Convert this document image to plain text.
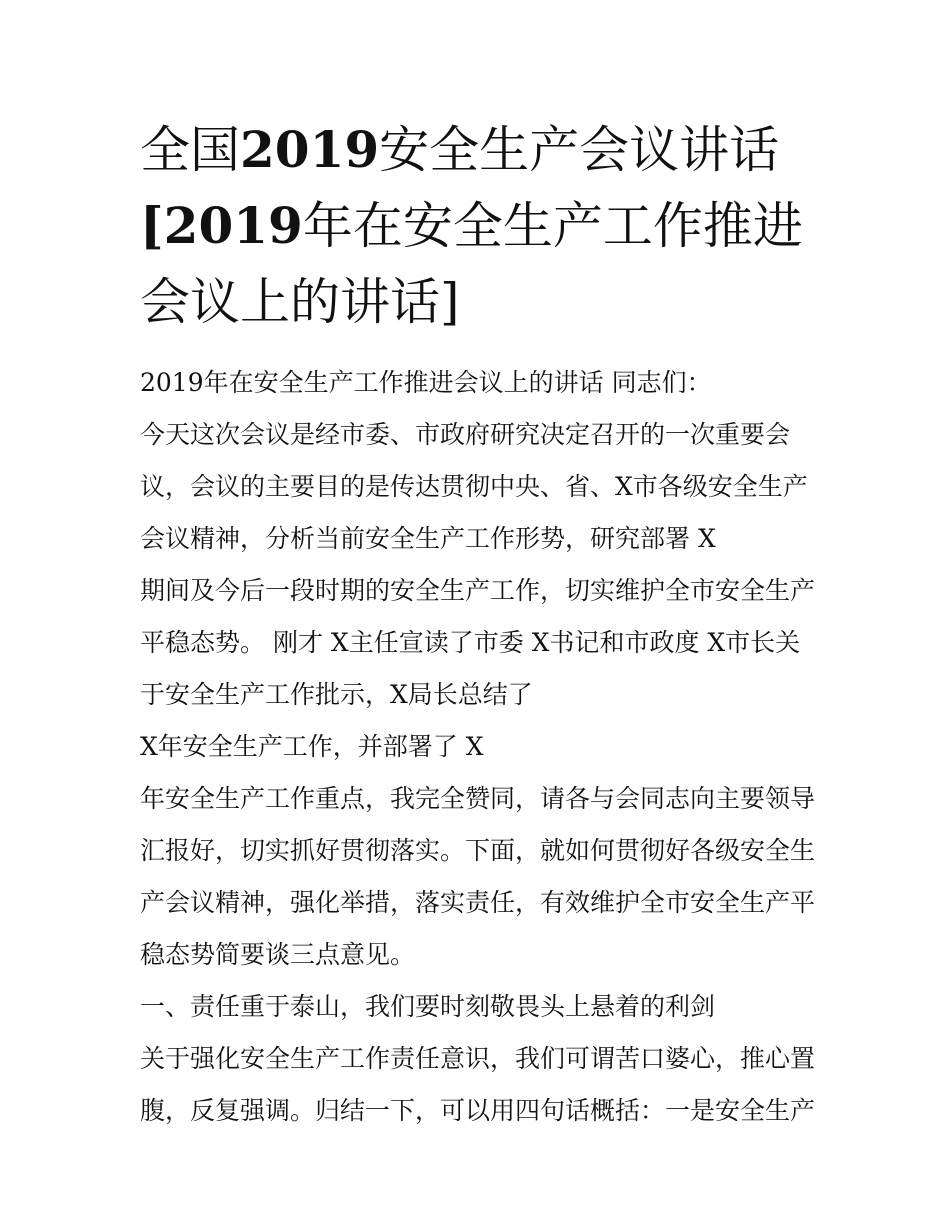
全国2019安全生产会议讲话
[2019年在安全生产工作推进
会议上的讲话]
2019年在安全生产工作推进会议上的讲话 同志们：
今天这次会议是经市委、市政府研究决定召开的一次重要会
议，会议的主要目的是传达贯彻中央、省、X市各级安全生产
会议精神，分析当前安全生产工作形势，研究部署 X
期间及今后一段时期的安全生产工作，切实维护全市安全生产
平稳态势。 刚才 X主任宣读了市委 X书记和市政度 X市长关
于安全生产工作批示，X局长总结了
X年安全生产工作，并部署了 X
年安全生产工作重点，我完全赞同，请各与会同志向主要领导
汇报好，切实抓好贯彻落实。下面，就如何贯彻好各级安全生
产会议精神，强化举措，落实责任，有效维护全市安全生产平
稳态势简要谈三点意见。
一、责任重于泰山，我们要时刻敬畏头上悬着的利剑
关于强化安全生产工作责任意识，我们可谓苦口婆心，推心置
腹，反复强调。归结一下，可以用四句话概括：一是安全生产
